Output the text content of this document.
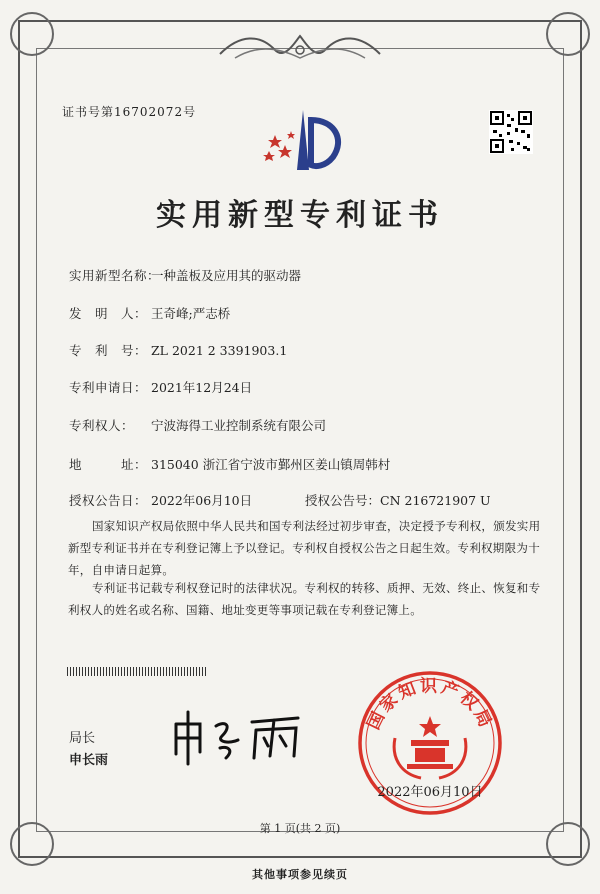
证书号第16702072号
实用新型专利证书
实用新型名称：一种盖板及应用其的驱动器
发　明　人： 王奇峰;严志桥
专　利　号： ZL 2021 2 3391903.1
专利申请日： 2021年12月24日
专利权人： 宁波海得工业控制系统有限公司
地　　　址： 315040 浙江省宁波市鄞州区姜山镇周韩村
授权公告日： 2022年06月10日	授权公告号：CN 216721907 U
国家知识产权局依照中华人民共和国专利法经过初步审查，决定授予专利权，颁发实用新型专利证书并在专利登记簿上予以登记。专利权自授权公告之日起生效。专利权期限为十年，自申请日起算。
专利证书记载专利权登记时的法律状况。专利权的转移、质押、无效、终止、恢复和专利权人的姓名或名称、国籍、地址变更等事项记载在专利登记簿上。
局长
申长雨
国家知识产权局
2022年06月10日
第 1 页(共 2 页)
其他事项参见续页
